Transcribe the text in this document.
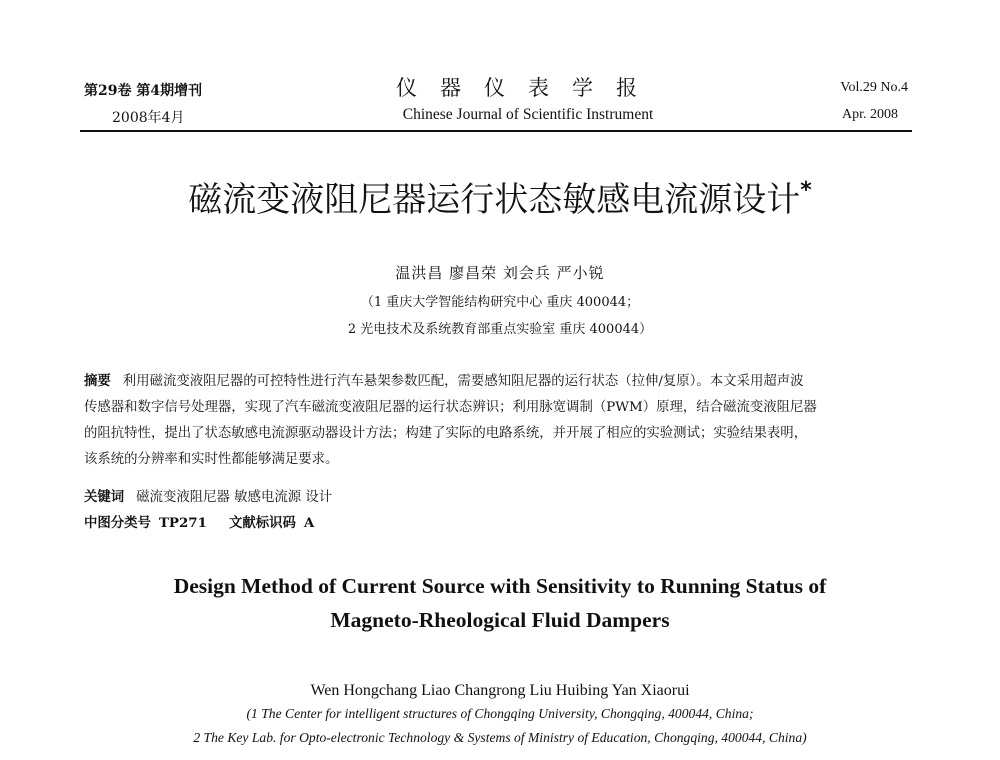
第29卷 第4期增刊
2008年4月
仪器仪表学报
Chinese Journal of Scientific Instrument
Vol.29 No.4
Apr. 2008
磁流变液阻尼器运行状态敏感电流源设计*
温洪昌 廖昌荣 刘会兵 严小锐
（1 重庆大学智能结构研究中心 重庆 400044；
2 光电技术及系统教育部重点实验室 重庆 400044）
摘要 利用磁流变液阻尼器的可控特性进行汽车悬架参数匹配，需要感知阻尼器的运行状态（拉伸/复原）。本文采用超声波
传感器和数字信号处理器，实现了汽车磁流变液阻尼器的运行状态辨识；利用脉宽调制（PWM）原理，结合磁流变液阻尼器
的阻抗特性，提出了状态敏感电流源驱动器设计方法；构建了实际的电路系统，并开展了相应的实验测试；实验结果表明，
该系统的分辨率和实时性都能够满足要求。
关键词 磁流变液阻尼器 敏感电流源 设计
中图分类号 TP271 文献标识码 A
Design Method of Current Source with Sensitivity to Running Status of
Magneto-Rheological Fluid Dampers
Wen Hongchang Liao Changrong Liu Huibing Yan Xiaorui
(1 The Center for intelligent structures of Chongqing University, Chongqing, 400044, China;
2 The Key Lab. for Opto-electronic Technology & Systems of Ministry of Education, Chongqing, 400044, China)
